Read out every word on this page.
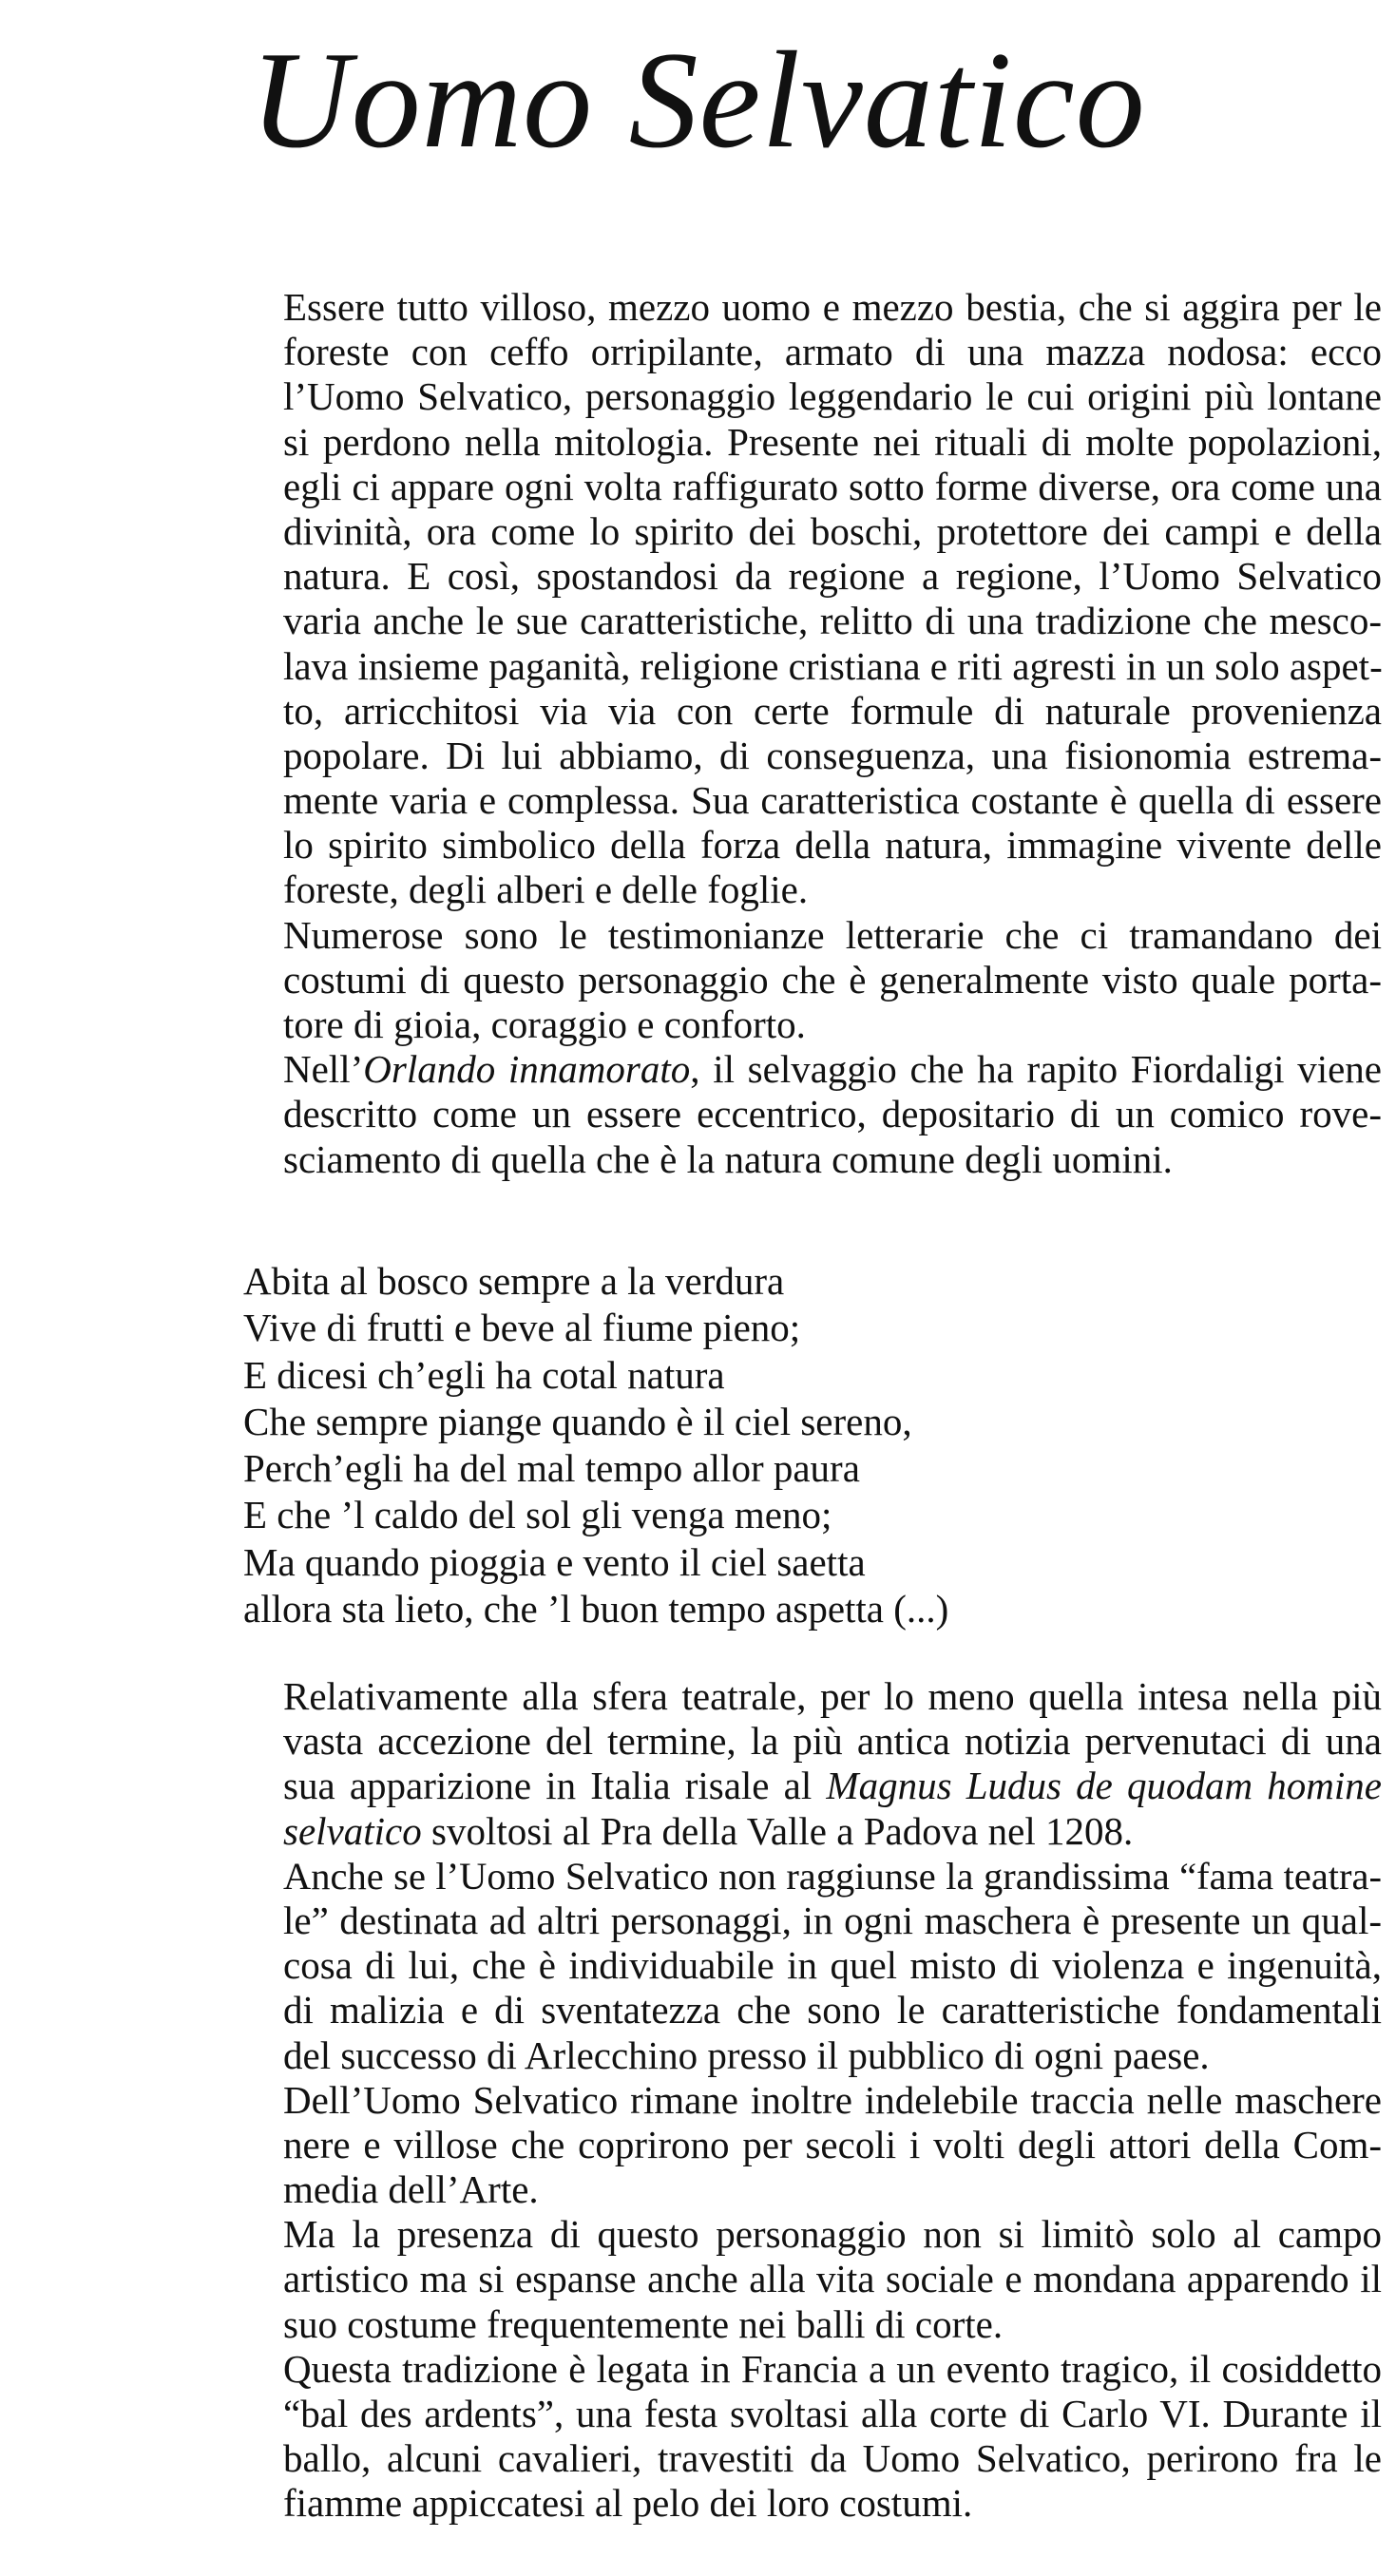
Uomo Selvatico
Essere tutto villoso, mezzo uomo e mezzo bestia, che si aggira per le
foreste con ceffo orripilante, armato di una mazza nodosa: ecco
l’Uomo Selvatico, personaggio leggendario le cui origini più lontane
si perdono nella mitologia. Presente nei rituali di molte popolazioni,
egli ci appare ogni volta raffigurato sotto forme diverse, ora come una
divinità, ora come lo spirito dei boschi, protettore dei campi e della
natura. E così, spostandosi da regione a regione, l’Uomo Selvatico
varia anche le sue caratteristiche, relitto di una tradizione che mesco-
lava insieme paganità, religione cristiana e riti agresti in un solo aspet-
to, arricchitosi via via con certe formule di naturale provenienza
popolare. Di lui abbiamo, di conseguenza, una fisionomia estrema-
mente varia e complessa. Sua caratteristica costante è quella di essere
lo spirito simbolico della forza della natura, immagine vivente delle
foreste, degli alberi e delle foglie.
Numerose sono le testimonianze letterarie che ci tramandano dei
costumi di questo personaggio che è generalmente visto quale porta-
tore di gioia, coraggio e conforto.
Nell’Orlando innamorato, il selvaggio che ha rapito Fiordaligi viene
descritto come un essere eccentrico, depositario di un comico rove-
sciamento di quella che è la natura comune degli uomini.
Abita al bosco sempre a la verdura
Vive di frutti e beve al fiume pieno;
E dicesi ch’egli ha cotal natura
Che sempre piange quando è il ciel sereno,
Perch’egli ha del mal tempo allor paura
E che ’l caldo del sol gli venga meno;
Ma quando pioggia e vento il ciel saetta
allora sta lieto, che ’l buon tempo aspetta (...)
Relativamente alla sfera teatrale, per lo meno quella intesa nella più
vasta accezione del termine, la più antica notizia pervenutaci di una
sua apparizione in Italia risale al Magnus Ludus de quodam homine
selvatico svoltosi al Pra della Valle a Padova nel 1208.
Anche se l’Uomo Selvatico non raggiunse la grandissima “fama teatra-
le” destinata ad altri personaggi, in ogni maschera è presente un qual-
cosa di lui, che è individuabile in quel misto di violenza e ingenuità,
di malizia e di sventatezza che sono le caratteristiche fondamentali
del successo di Arlecchino presso il pubblico di ogni paese.
Dell’Uomo Selvatico rimane inoltre indelebile traccia nelle maschere
nere e villose che coprirono per secoli i volti degli attori della Com-
media dell’Arte.
Ma la presenza di questo personaggio non si limitò solo al campo
artistico ma si espanse anche alla vita sociale e mondana apparendo il
suo costume frequentemente nei balli di corte.
Questa tradizione è legata in Francia a un evento tragico, il cosiddetto
“bal des ardents”, una festa svoltasi alla corte di Carlo VI. Durante il
ballo, alcuni cavalieri, travestiti da Uomo Selvatico, perirono fra le
fiamme appiccatesi al pelo dei loro costumi.
